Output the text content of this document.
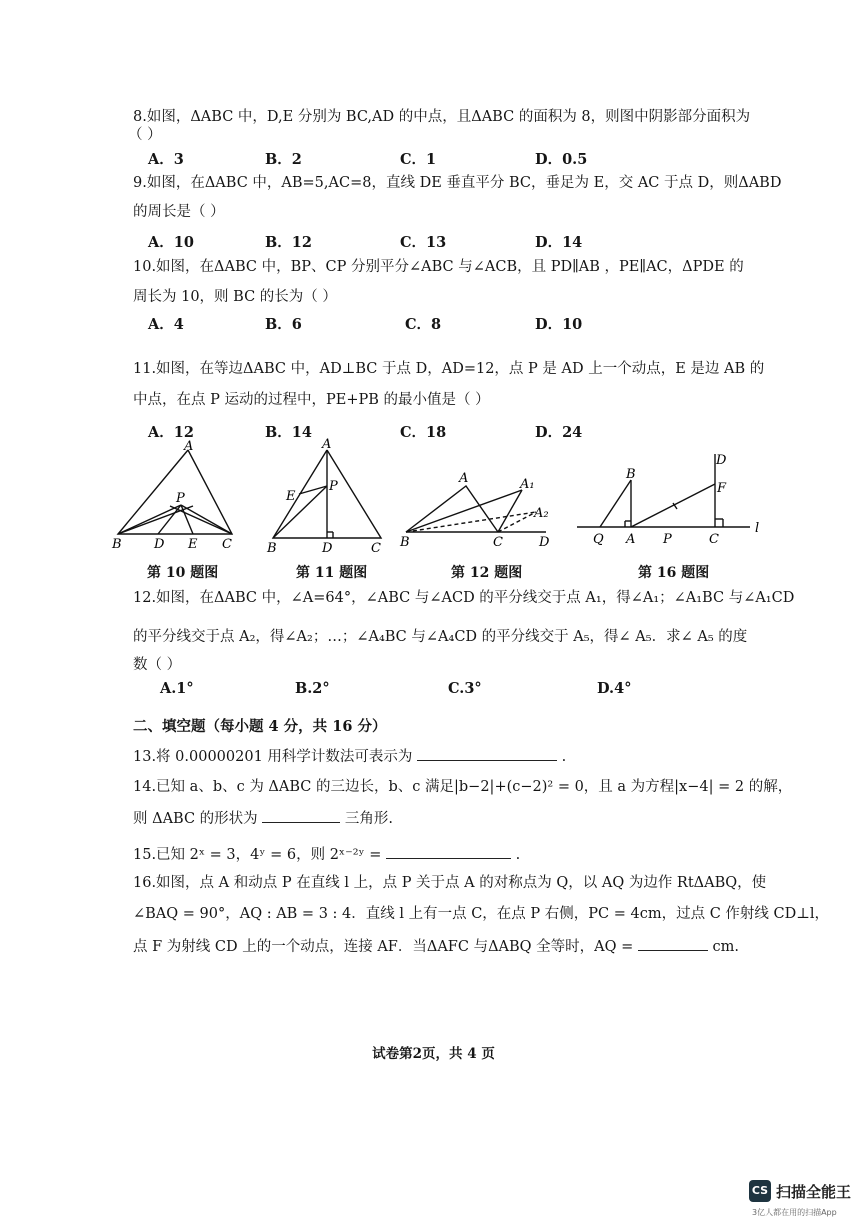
8.如图，ΔABC 中，D,E 分别为 BC,AD 的中点，且ΔABC 的面积为 8，则图中阴影部分面积为
（ ）
A．3	B．2	C．1	D．0.5
9.如图，在ΔABC 中，AB=5,AC=8，直线 DE 垂直平分 BC，垂足为 E，交 AC 于点 D，则ΔABD
的周长是（ ）
A．10	B．12	C．13	D．14
10.如图，在ΔABC 中，BP、CP 分别平分∠ABC 与∠ACB，且 PD∥AB ，PE∥AC，ΔPDE 的
周长为 10，则 BC 的长为（ ）
A．4	B．6	C．8	D．10
11.如图，在等边ΔABC 中，AD⊥BC 于点 D，AD=12，点 P 是 AD 上一个动点，E 是边 AB 的
中点，在点 P 运动的过程中，PE+PB 的最小值是（ ）
A．12	B．14	C．18	D．24
A
P
B D E C
A
E
P
B	D	C
A	A₁
A₂
B	C	D
B
D
F
Q A P	C
l
第 10 题图	第 11 题图	第 12 题图	第 16 题图
12.如图，在ΔABC 中，∠A=64°，∠ABC 与∠ACD 的平分线交于点 A₁，得∠A₁；∠A₁BC 与∠A₁CD
的平分线交于点 A₂，得∠A₂；…；∠A₄BC 与∠A₄CD 的平分线交于 A₅，得∠ A₅．求∠ A₅ 的度
数（ ）
A.1°	B.2°	C.3°	D.4°
二、填空题（每小题 4 分，共 16 分）
13.将 0.00000201 用科学计数法可表示为	.
14.已知 a、b、c 为 ΔABC 的三边长，b、c 满足|b−2|+(c−2)² = 0，且 a 为方程|x−4| = 2 的解，
则 ΔABC 的形状为	三角形.
15.已知 2ˣ = 3，4ʸ = 6，则 2ˣ⁻²ʸ =	.
16.如图，点 A 和动点 P 在直线 l 上，点 P 关于点 A 的对称点为 Q，以 AQ 为边作 RtΔABQ，使
∠BAQ = 90°，AQ : AB = 3 : 4．直线 l 上有一点 C，在点 P 右侧，PC = 4cm，过点 C 作射线 CD⊥l，
点 F 为射线 CD 上的一个动点，连接 AF．当ΔAFC 与ΔABQ 全等时，AQ =	cm.
试卷第2页，共 4 页
CS 扫描全能王
3亿人都在用的扫描App
